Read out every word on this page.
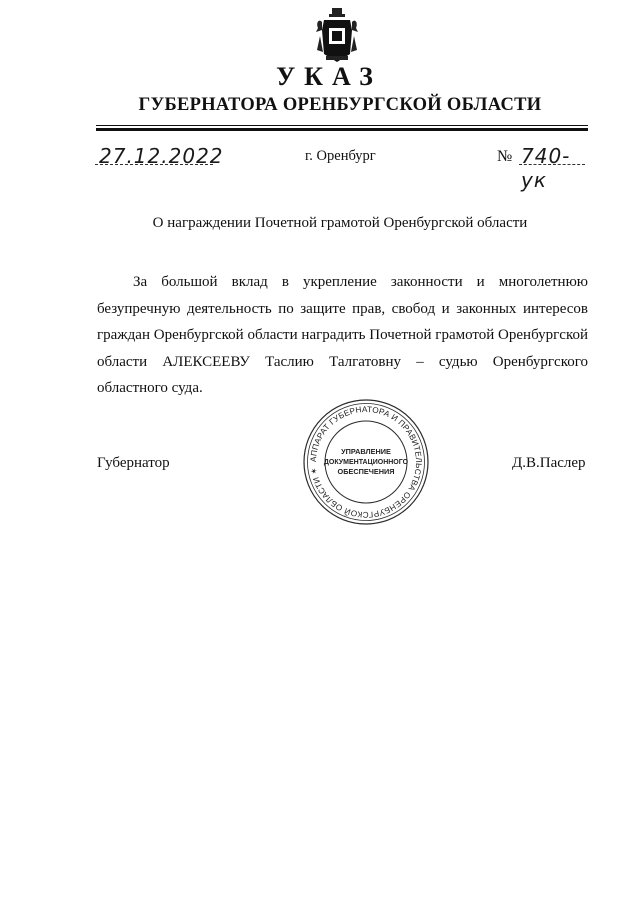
УКАЗ
ГУБЕРНАТОРА ОРЕНБУРГСКОЙ ОБЛАСТИ
27.12.2022	г. Оренбург	№ 740-ук
О награждении Почетной грамотой Оренбургской области

За большой вклад в укрепление законности и многолетнюю безупречную деятельность по защите прав, свобод и законных интересов граждан Оренбургской области наградить Почетной грамотой Оренбургской области АЛЕКСЕЕВУ Таслию Талгатовну – судью Оренбургского областного суда.

Губернатор	Д.В.Паслер
АППАРАТ ГУБЕРНАТОРА И ПРАВИТЕЛЬСТВА ОРЕНБУРГСКОЙ ОБЛАСТИ ✶
УПРАВЛЕНИЕ
ДОКУМЕНТАЦИОННОГО
ОБЕСПЕЧЕНИЯ
